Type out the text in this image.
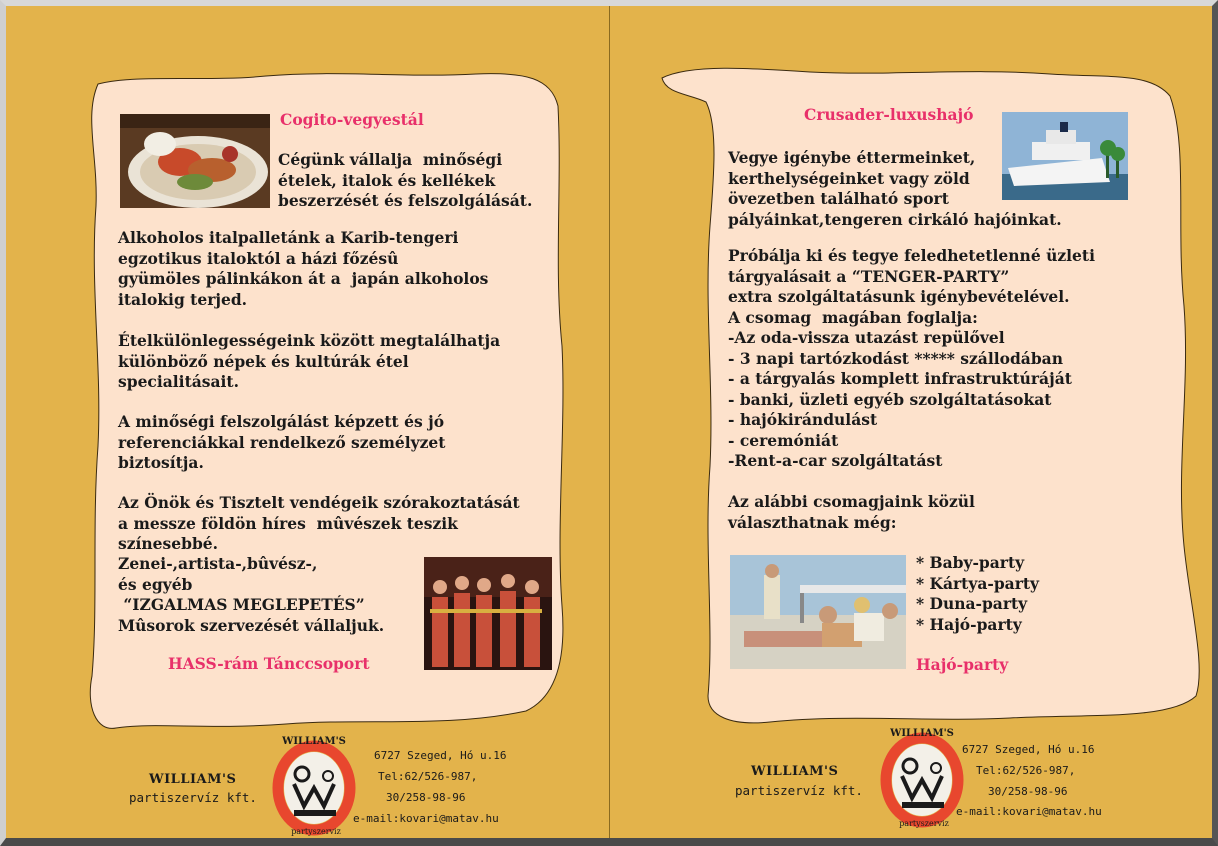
Cogito-vegyestál
Cégünk vállalja  minőségi
ételek, italok és kellékek
beszerzését és felszolgálását.
Alkoholos italpalletánk a Karib-tengeri
egzotikus italoktól a házi főzésû
gyümöles pálinkákon át a  japán alkoholos
italokig terjed.
Ételkülönlegességeink között megtalálhatja
különböző népek és kultúrák étel
specialitásait.
A minőségi felszolgálást képzett és jó
referenciákkal rendelkező személyzet
biztosítja.
Az Önök és Tisztelt vendégeik szórakoztatását
a messze földön híres  mûvészek teszik
színesebbé.
Zenei-,artista-,bûvész-,
és egyéb
“IZGALMAS MEGLEPETÉS”
Mûsorok szervezését vállaljuk.
HASS-rám Tánccsoport
WILLIAM'S
partiszervíz kft.
WILLIAM'S
partyszerviz
6727 Szeged, Hó u.16
Tel:62/526-987,
30/258-98-96
e-mail:kovari@matav.hu
Crusader-luxushajó
Vegye igénybe éttermeinket,
kerthelységeinket vagy zöld
övezetben található sport
pályáinkat,tengeren cirkáló hajóinkat.
Próbálja ki és tegye feledhetetlenné üzleti
tárgyalásait a “TENGER-PARTY”
extra szolgáltatásunk igénybevételével.
A csomag  magában foglalja:
-Az oda-vissza utazást repülővel
- 3 napi tartózkodást ***** szállodában
- a tárgyalás komplett infrastruktúráját
- banki, üzleti egyéb szolgáltatásokat
- hajókirándulást
- ceremóniát
-Rent-a-car szolgáltatást
Az alábbi csomagjaink közül
választhatnak még:
* Baby-party
* Kártya-party
* Duna-party
* Hajó-party
Hajó-party
WILLIAM'S
partiszervíz kft.
WILLIAM'S
partyszerviz
6727 Szeged, Hó u.16
Tel:62/526-987,
30/258-98-96
e-mail:kovari@matav.hu
